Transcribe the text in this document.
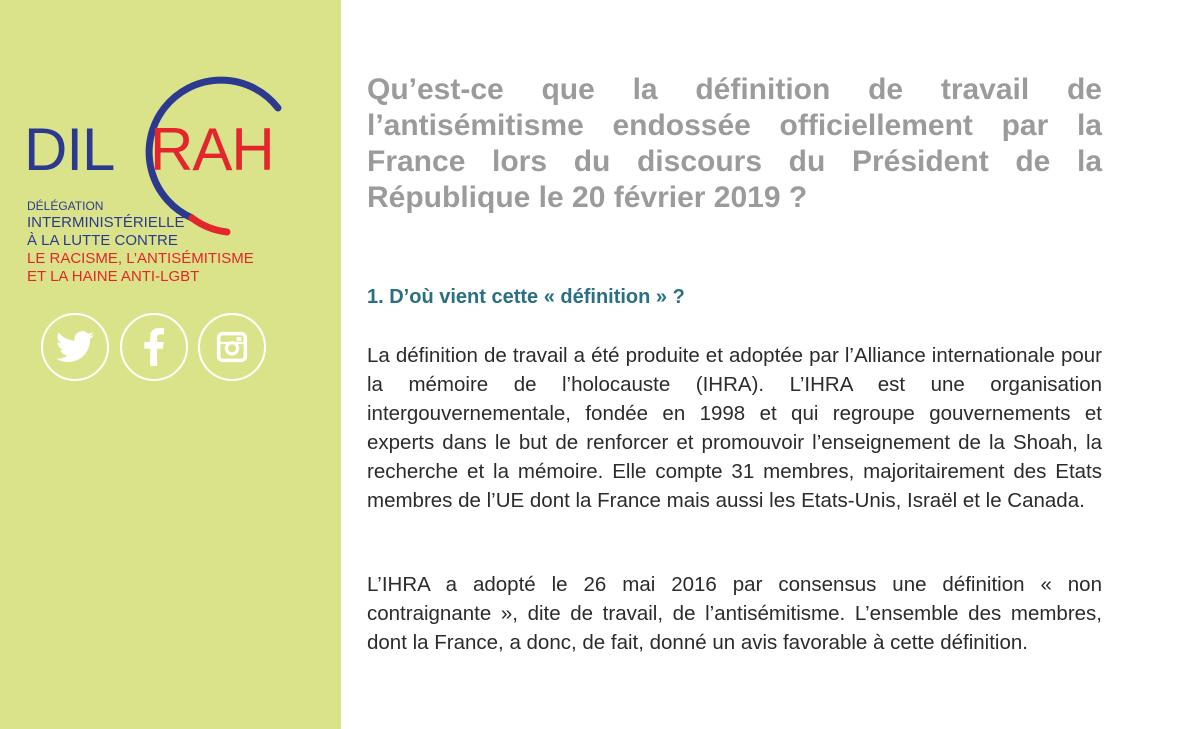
DIL RAH
DÉLÉGATION
INTERMINISTÉRIELLE
À LA LUTTE CONTRE
LE RACISME, L’ANTISÉMITISME
ET LA HAINE ANTI-LGBT
Qu’est-ce que la définition de travail de l’antisémitisme endossée officiellement par la France lors du discours du Président de la République le 20 février 2019 ?
1. D’où vient cette « définition » ?

La définition de travail a été produite et adoptée par l’Alliance internationale pour la mémoire de l’holocauste (IHRA). L’IHRA est une organisation intergouvernementale, fondée en 1998 et qui regroupe gouvernements et experts dans le but de renforcer et promouvoir l’enseignement de la Shoah, la recherche et la mémoire. Elle compte 31 membres, majoritairement des Etats membres de l’UE dont la France mais aussi les Etats-Unis, Israël et le Canada.

L’IHRA a adopté le 26 mai 2016 par consensus une définition « non contraignante », dite de travail, de l’antisémitisme. L’ensemble des membres, dont la France, a donc, de fait, donné un avis favorable à cette définition.
